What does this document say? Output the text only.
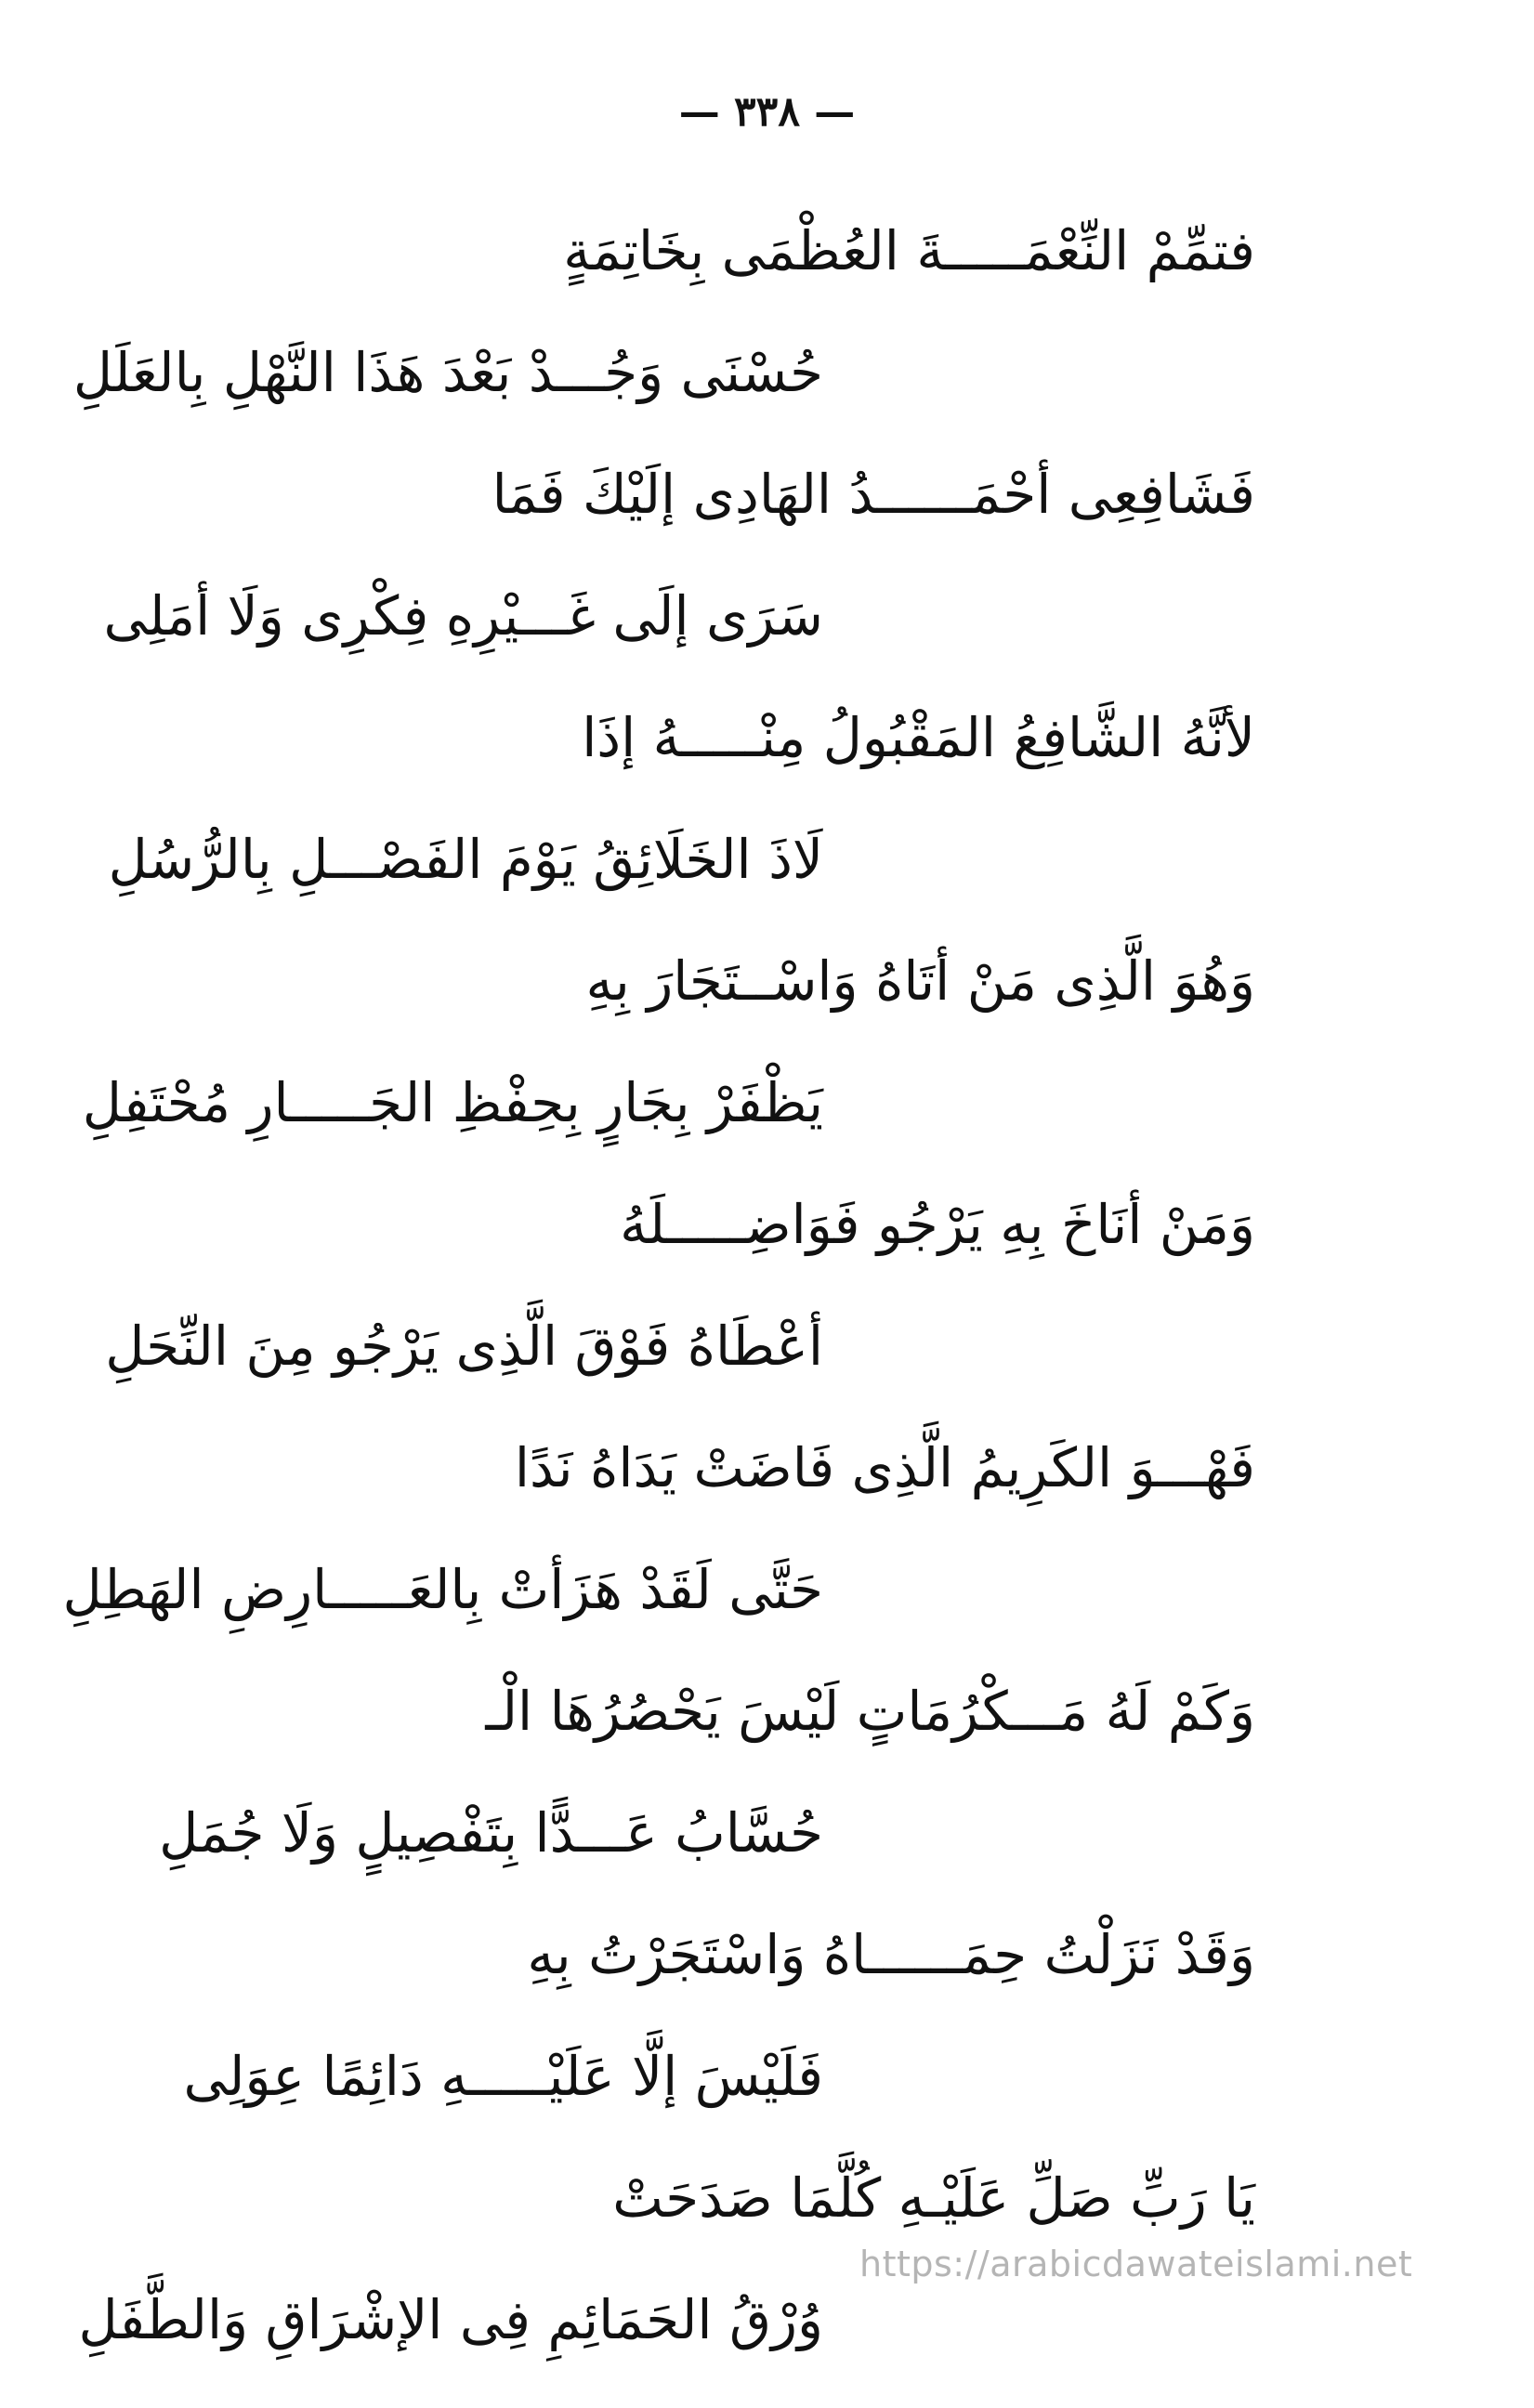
— ٣٣٨ —
فتمِّمْ النِّعْمَـــــةَ العُظْمَى بِخَاتِمَةٍ
حُسْنَى وَجُـــدْ بَعْدَ هَذَا النَّهْلِ بِالعَلَلِ
فَشَافِعِى أحْمَــــــدُ الهَادِى إلَيْكَ فَمَا
سَرَى إلَى غَـــيْرِهِ فِكْرِى وَلَا أمَلِى
لأنَّهُ الشَّافِعُ المَقْبُولُ مِنْـــــهُ إذَا
لَاذَ الخَلَائِقُ يَوْمَ الفَصْـــلِ بِالرُّسُلِ
وَهُوَ الَّذِى مَنْ أتَاهُ وَاسْــتَجَارَ بِهِ
يَظْفَرْ بِجَارٍ بِحِفْظِ الجَـــــارِ مُحْتَفِلِ
وَمَنْ أنَاخَ بِهِ يَرْجُو فَوَاضِـــــلَهُ
أعْطَاهُ فَوْقَ الَّذِى يَرْجُو مِنَ النِّحَلِ
فَهْـــوَ الكَرِيمُ الَّذِى فَاضَتْ يَدَاهُ نَدًا
حَتَّى لَقَدْ هَزَأتْ بِالعَـــــارِضِ الهَطِلِ
وَكَمْ لَهُ مَـــكْرُمَاتٍ لَيْسَ يَحْصُرُهَا الْـ
حُسَّابُ عَـــدًّا بِتَفْصِيلٍ وَلَا جُمَلِ
وَقَدْ نَزَلْتُ حِمَــــــاهُ وَاسْتَجَرْتُ بِهِ
فَلَيْسَ إلَّا عَلَيْـــــهِ دَائِمًا عِوَلِى
يَا رَبِّ صَلِّ عَلَيْـهِ كُلَّمَا صَدَحَتْ
وُرْقُ الحَمَائِمِ فِى الإشْرَاقِ وَالطَّفَلِ
https://arabicdawateislami.net
